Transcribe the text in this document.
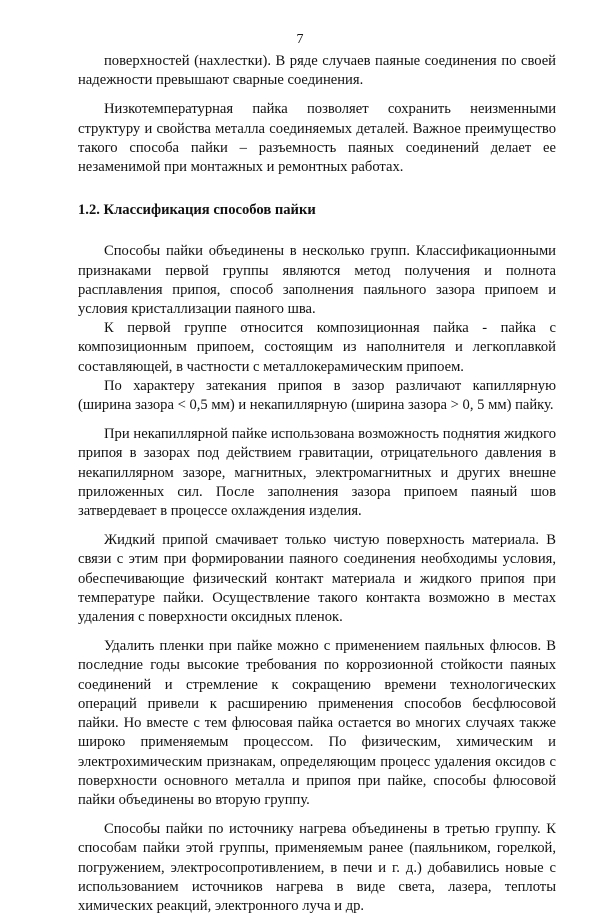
7

поверхностей (нахлестки). В ряде случаев паяные соединения по своей надежности превышают сварные соединения.

Низкотемпературная пайка позволяет сохранить неизменными структуру и свойства металла соединяемых деталей. Важное преимущество такого способа пайки – разъемность паяных соединений делает ее незаменимой при монтажных и ремонтных работах.

1.2. Классификация способов пайки

Способы пайки объединены в несколько групп. Классификационными признаками первой группы являются метод получения и полнота расплавления припоя, способ заполнения паяльного зазора припоем и условия кристаллизации паяного шва.

К первой группе относится композиционная пайка - пайка с композиционным припоем, состоящим из наполнителя и легкоплавкой составляющей, в частности с металлокерамическим припоем.

По характеру затекания припоя в зазор различают капиллярную (ширина зазора < 0,5 мм) и некапиллярную (ширина зазора > 0, 5 мм) пайку.

При некапиллярной пайке использована возможность поднятия жидкого припоя в зазорах под действием гравитации, отрицательного давления в некапиллярном зазоре, магнитных, электромагнитных и других внешне приложенных сил. После заполнения зазора припоем паяный шов затвердевает в процессе охлаждения изделия.

Жидкий припой смачивает только чистую поверхность материала. В связи с этим при формировании паяного соединения необходимы условия, обеспечивающие физический контакт материала и жидкого припоя при температуре пайки. Осуществление такого контакта возможно в местах удаления с поверхности оксидных пленок.

Удалить пленки при пайке можно с применением паяльных флюсов. В последние годы высокие требования по коррозионной стойкости паяных соединений и стремление к сокращению времени технологических операций привели к расширению применения способов бесфлюсовой пайки. Но вместе с тем флюсовая пайка остается во многих случаях также широко применяемым процессом. По физическим, химическим и электрохимическим признакам, определяющим процесс удаления оксидов с поверхности основного металла и припоя при пайке, способы флюсовой пайки объединены во вторую группу.

Способы пайки по источнику нагрева объединены в третью группу. К способам пайки этой группы, применяемым ранее (паяльником, горелкой, погружением, электросопротивлением, в печи и г. д.) добавились новые с использованием источников нагрева в виде света, лазера, теплоты химических реакций, электронного луча и др.
